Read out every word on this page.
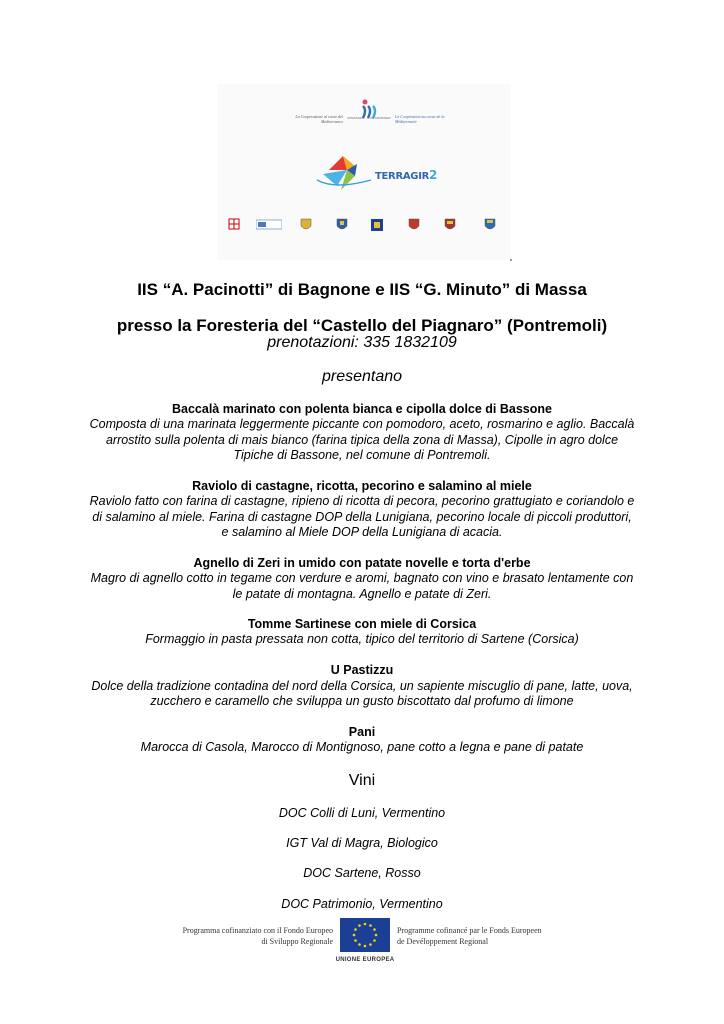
La Cooperazione al cuore del Mediterraneo
MINISTERO · ÍT DE MINISTERI	La Coopération au coeur de la Méditerranée
TERRAGIR2
IIS “A. Pacinotti” di Bagnone e IIS “G. Minuto” di Massa
presso la Foresteria del “Castello del Piagnaro” (Pontremoli)
prenotazioni: 335 1832109
presentano
Baccalà marinato con polenta bianca e cipolla dolce di Bassone
Composta di una marinata leggermente piccante con pomodoro, aceto, rosmarino e aglio. Baccalà
arrostito sulla polenta di mais bianco (farina tipica della zona di Massa), Cipolle in agro dolce
Tipiche di Bassone, nel comune di Pontremoli.
Raviolo di castagne, ricotta, pecorino e salamino al miele
Raviolo fatto con farina di castagne, ripieno di ricotta di pecora, pecorino grattugiato e coriandolo e
di salamino al miele. Farina di castagne DOP della Lunigiana, pecorino locale di piccoli produttori,
e salamino al Miele DOP della Lunigiana di acacia.
Agnello di Zeri in umido con patate novelle e torta d'erbe
Magro di agnello cotto in tegame con verdure e aromi, bagnato con vino e brasato lentamente con
le patate di montagna. Agnello e patate di Zeri.
Tomme Sartinese con miele di Corsica
Formaggio in pasta pressata non cotta, tipico del territorio di Sartene (Corsica)
U Pastizzu
Dolce della tradizione contadina del nord della Corsica, un sapiente miscuglio di pane, latte, uova,
zucchero e caramello che sviluppa un gusto biscottato dal profumo di limone
Pani
Marocca di Casola, Marocco di Montignoso, pane cotto a legna e pane di patate
Vini
DOC Colli di Luni, Vermentino
IGT Val di Magra, Biologico
DOC Sartene, Rosso
DOC Patrimonio, Vermentino
Programma cofinanziato con il Fondo Europeo
di Sviluppo Regionale
UNIONE EUROPEA
Programme cofinancé par le Fonds Europeen
de Devéloppement Regional
